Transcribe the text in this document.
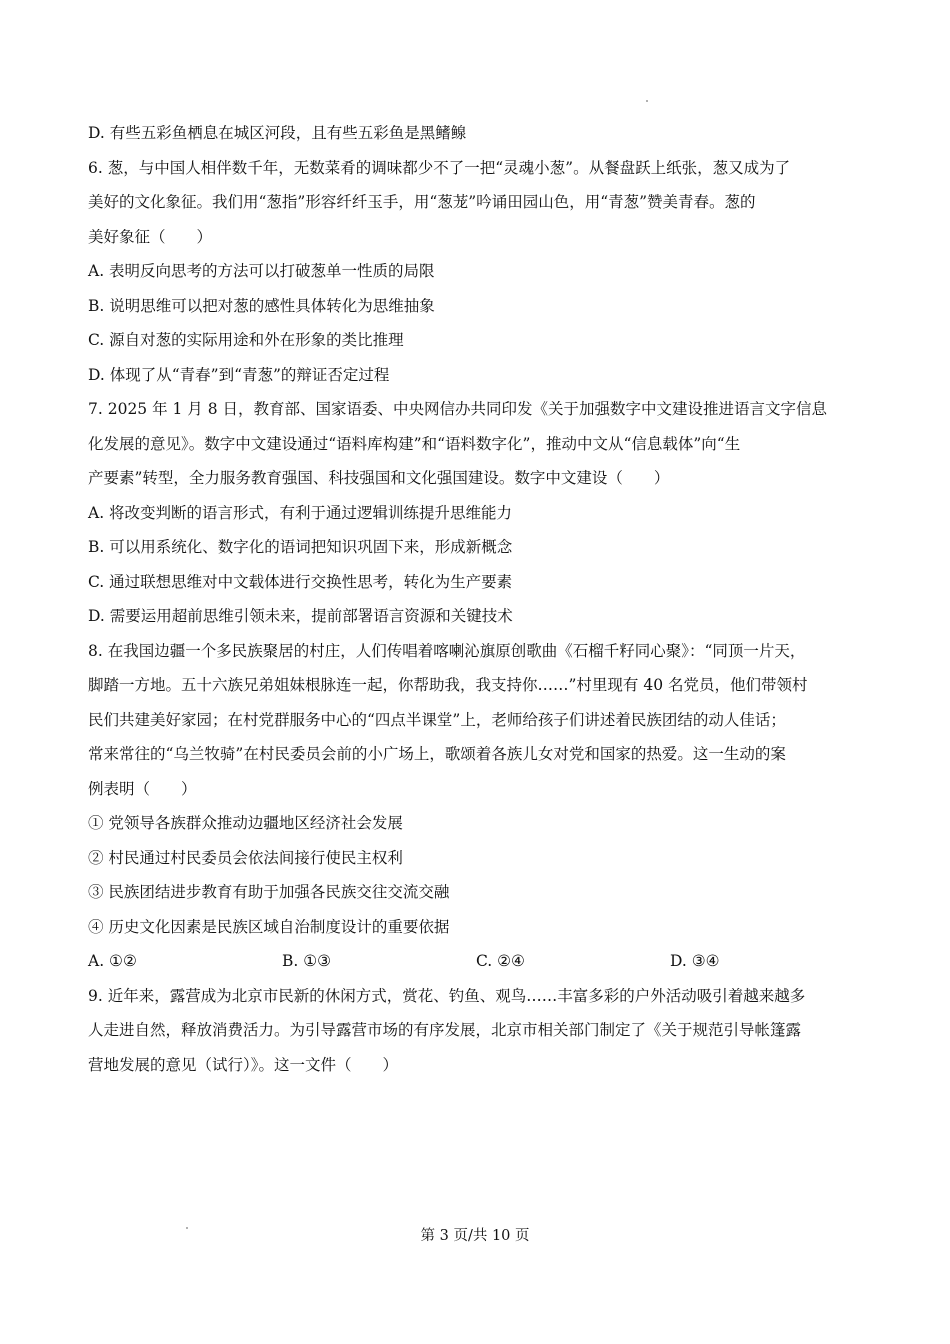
D. 有些五彩鱼栖息在城区河段，且有些五彩鱼是黑鳍鳈
6. 葱，与中国人相伴数千年，无数菜肴的调味都少不了一把“灵魂小葱”。从餐盘跃上纸张，葱又成为了
美好的文化象征。我们用“葱指”形容纤纤玉手，用“葱茏”吟诵田园山色，用“青葱”赞美青春。葱的
美好象征（　　）
A. 表明反向思考的方法可以打破葱单一性质的局限
B. 说明思维可以把对葱的感性具体转化为思维抽象
C. 源自对葱的实际用途和外在形象的类比推理
D. 体现了从“青春”到“青葱”的辩证否定过程
7. 2025 年 1 月 8 日，教育部、国家语委、中央网信办共同印发《关于加强数字中文建设推进语言文字信息
化发展的意见》。数字中文建设通过“语料库构建”和“语料数字化”，推动中文从“信息载体”向“生
产要素”转型，全力服务教育强国、科技强国和文化强国建设。数字中文建设（　　）
A. 将改变判断的语言形式，有利于通过逻辑训练提升思维能力
B. 可以用系统化、数字化的语词把知识巩固下来，形成新概念
C. 通过联想思维对中文载体进行交换性思考，转化为生产要素
D. 需要运用超前思维引领未来，提前部署语言资源和关键技术
8. 在我国边疆一个多民族聚居的村庄，人们传唱着喀喇沁旗原创歌曲《石榴千籽同心聚》：“同顶一片天，
脚踏一方地。五十六族兄弟姐妹根脉连一起，你帮助我，我支持你……”村里现有 40 名党员，他们带领村
民们共建美好家园；在村党群服务中心的“四点半课堂”上，老师给孩子们讲述着民族团结的动人佳话；
常来常往的“乌兰牧骑”在村民委员会前的小广场上，歌颂着各族儿女对党和国家的热爱。这一生动的案
例表明（　　）
① 党领导各族群众推动边疆地区经济社会发展
② 村民通过村民委员会依法间接行使民主权利
③ 民族团结进步教育有助于加强各民族交往交流交融
④ 历史文化因素是民族区域自治制度设计的重要依据
A. ①②	B. ①③	C. ②④	D. ③④
9. 近年来，露营成为北京市民新的休闲方式，赏花、钓鱼、观鸟……丰富多彩的户外活动吸引着越来越多
人走进自然，释放消费活力。为引导露营市场的有序发展，北京市相关部门制定了《关于规范引导帐篷露
营地发展的意见（试行）》。这一文件（　　）
第 3 页/共 10 页
